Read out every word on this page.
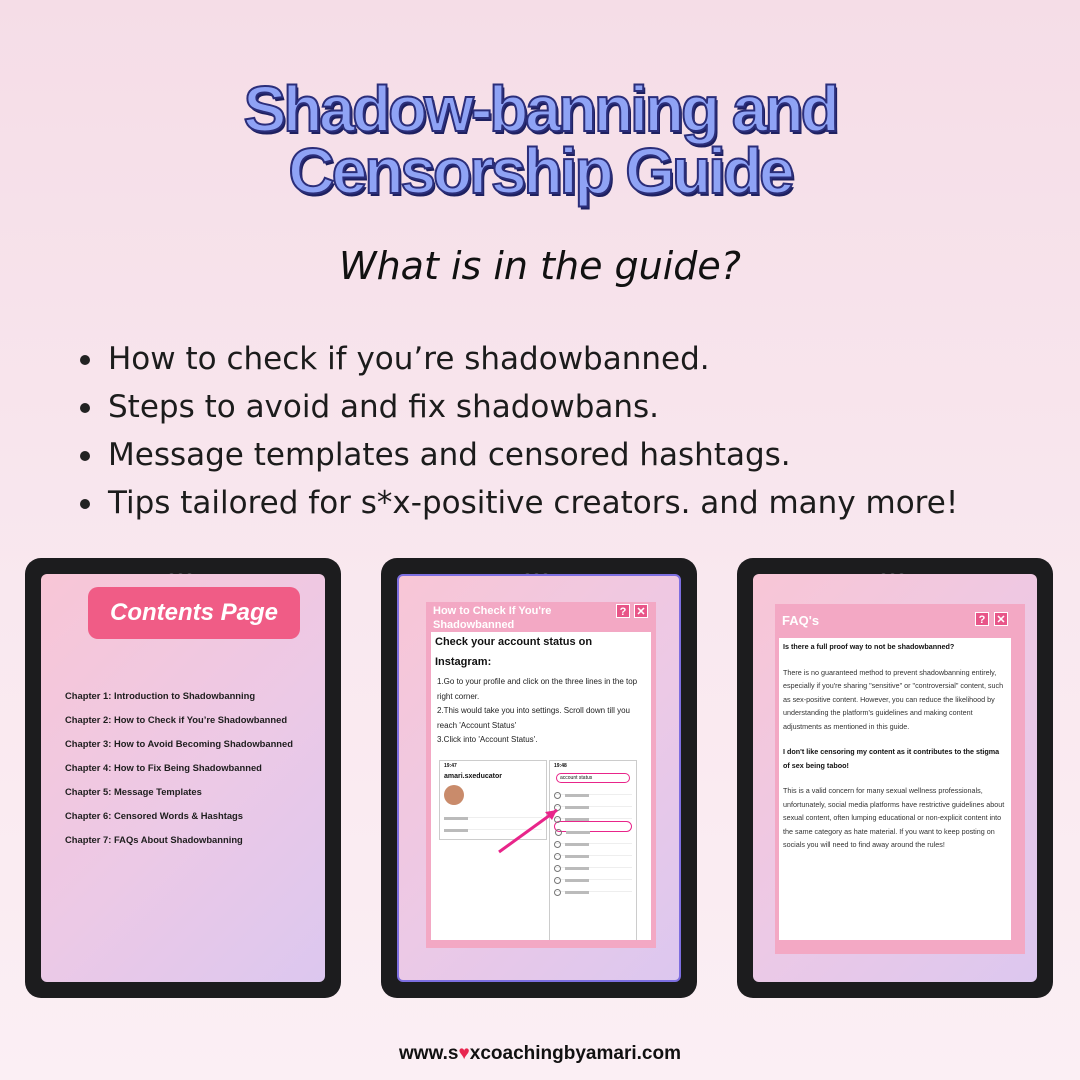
Shadow-banning and
Censorship Guide
What is in the guide?
How to check if you’re shadowbanned.
Steps to avoid and fix shadowbans.
Message templates and censored hashtags.
Tips tailored for s*x-positive creators. and many more!
Contents Page
Chapter 1: Introduction to Shadowbanning
Chapter 2: How to Check if You’re Shadowbanned
Chapter 3: How to Avoid Becoming Shadowbanned
Chapter 4: How to Fix Being Shadowbanned
Chapter 5: Message Templates
Chapter 6: Censored Words & Hashtags
Chapter 7: FAQs About Shadowbanning
How to Check If You're Shadowbanned
? ✕
Check your account status on Instagram:
1.Go to your profile and click on the three lines in the top right corner.
2.This would take you into settings. Scroll down till you reach 'Account Status'
3.Click into 'Account Status'.
19:47
amari.sxeducator
19:48
account status
FAQ's	?	✕

Is there a full proof way to not be shadowbanned?

There is no guaranteed method to prevent shadowbanning entirely, especially if you're sharing "sensitive" or "controversial" content, such as sex-positive content. However, you can reduce the likelihood by understanding the platform's guidelines and making content adjustments as mentioned in this guide.

I don't like censoring my content as it contributes to the stigma of sex being taboo!

This is a valid concern for many sexual wellness professionals, unfortunately, social media platforms have restrictive guidelines about sexual content, often lumping educational or non-explicit content into the same category as hate material. If you want to keep posting on socials you will need to find away around the rules!

www.s♥xcoachingbyamari.com
